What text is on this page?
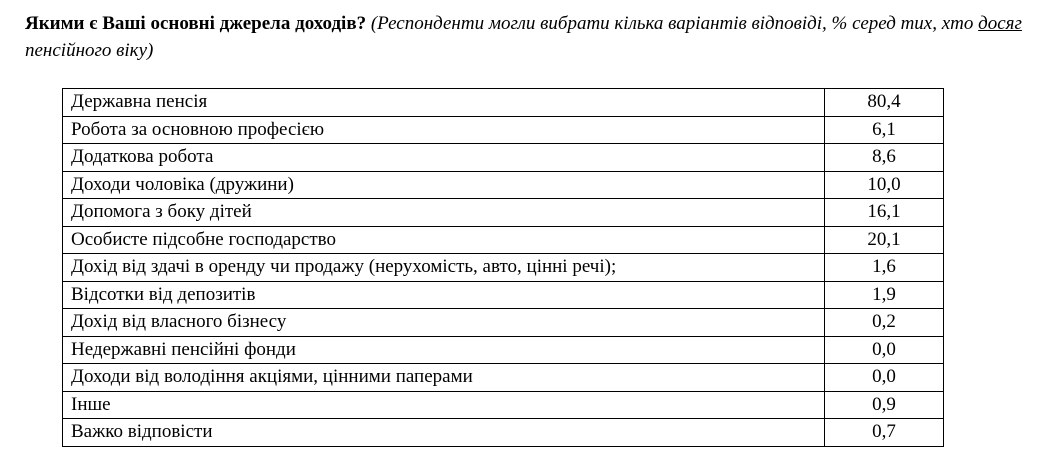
Якими є Ваші основні джерела доходів? (Респонденти могли вибрати кілька варіантів відповіді, % серед тих, хто досяг пенсійного віку)

Державна пенсія	80,4
Робота за основною професією	6,1
Додаткова робота	8,6
Доходи чоловіка (дружини)	10,0
Допомога з боку дітей	16,1
Особисте підсобне господарство	20,1
Дохід від здачі в оренду чи продажу (нерухомість, авто, цінні речі);	1,6
Відсотки від депозитів	1,9
Дохід від власного бізнесу	0,2
Недержавні пенсійні фонди	0,0
Доходи від володіння акціями, цінними паперами	0,0
Інше	0,9
Важко відповісти	0,7
